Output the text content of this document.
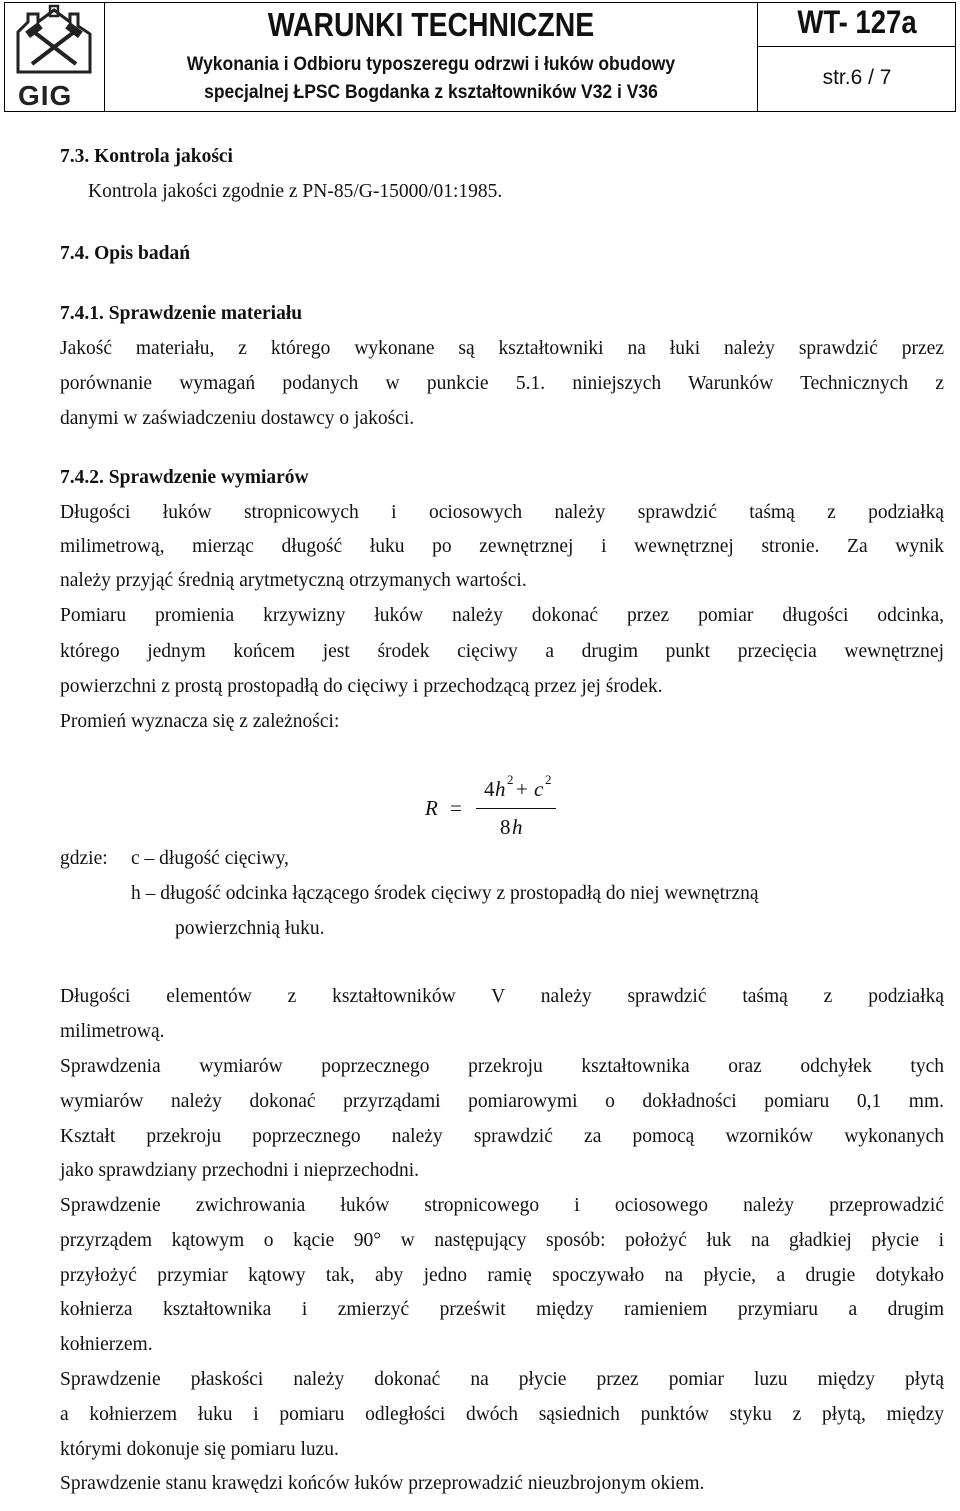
GIG
WARUNKI TECHNICZNE
Wykonania i Odbioru typoszeregu odrzwi i łuków obudowy
specjalnej ŁPSC Bogdanka z kształtowników V32 i V36
WT- 127a
str.6 / 7
7.3. Kontrola jakości
Kontrola jakości zgodnie z PN-85/G-15000/01:1985.
7.4. Opis badań
7.4.1. Sprawdzenie materiału
Jakość materiału, z którego wykonane są kształtowniki na łuki należy sprawdzić przez
porównanie wymagań podanych w punkcie 5.1. niniejszych Warunków Technicznych z
danymi w zaświadczeniu dostawcy o jakości.
7.4.2. Sprawdzenie wymiarów
Długości łuków stropnicowych i ociosowych należy sprawdzić taśmą z podziałką
milimetrową, mierząc długość łuku po zewnętrznej i wewnętrznej stronie. Za wynik
należy przyjąć średnią arytmetyczną otrzymanych wartości.
Pomiaru promienia krzywizny łuków należy dokonać przez pomiar długości odcinka,
którego jednym końcem jest środek cięciwy a drugim punkt przecięcia wewnętrznej
powierzchni z prostą prostopadłą do cięciwy i przechodzącą przez jej środek.
Promień wyznacza się z zależności:
R =
4 h 2 + c 2
8 h
gdzie: c – długość cięciwy,
h – długość odcinka łączącego środek cięciwy z prostopadłą do niej wewnętrzną
powierzchnią łuku.
Długości elementów z kształtowników V należy sprawdzić taśmą z podziałką
milimetrową.
Sprawdzenia wymiarów poprzecznego przekroju kształtownika oraz odchyłek tych
wymiarów należy dokonać przyrządami pomiarowymi o dokładności pomiaru 0,1 mm.
Kształt przekroju poprzecznego należy sprawdzić za pomocą wzorników wykonanych
jako sprawdziany przechodni i nieprzechodni.
Sprawdzenie zwichrowania łuków stropnicowego i ociosowego należy przeprowadzić
przyrządem kątowym o kącie 90° w następujący sposób: położyć łuk na gładkiej płycie i
przyłożyć przymiar kątowy tak, aby jedno ramię spoczywało na płycie, a drugie dotykało
kołnierza kształtownika i zmierzyć prześwit między ramieniem przymiaru a drugim
kołnierzem.
Sprawdzenie płaskości należy dokonać na płycie przez pomiar luzu między płytą
a kołnierzem łuku i pomiaru odległości dwóch sąsiednich punktów styku z płytą, między
którymi dokonuje się pomiaru luzu.
Sprawdzenie stanu krawędzi końców łuków przeprowadzić nieuzbrojonym okiem.
